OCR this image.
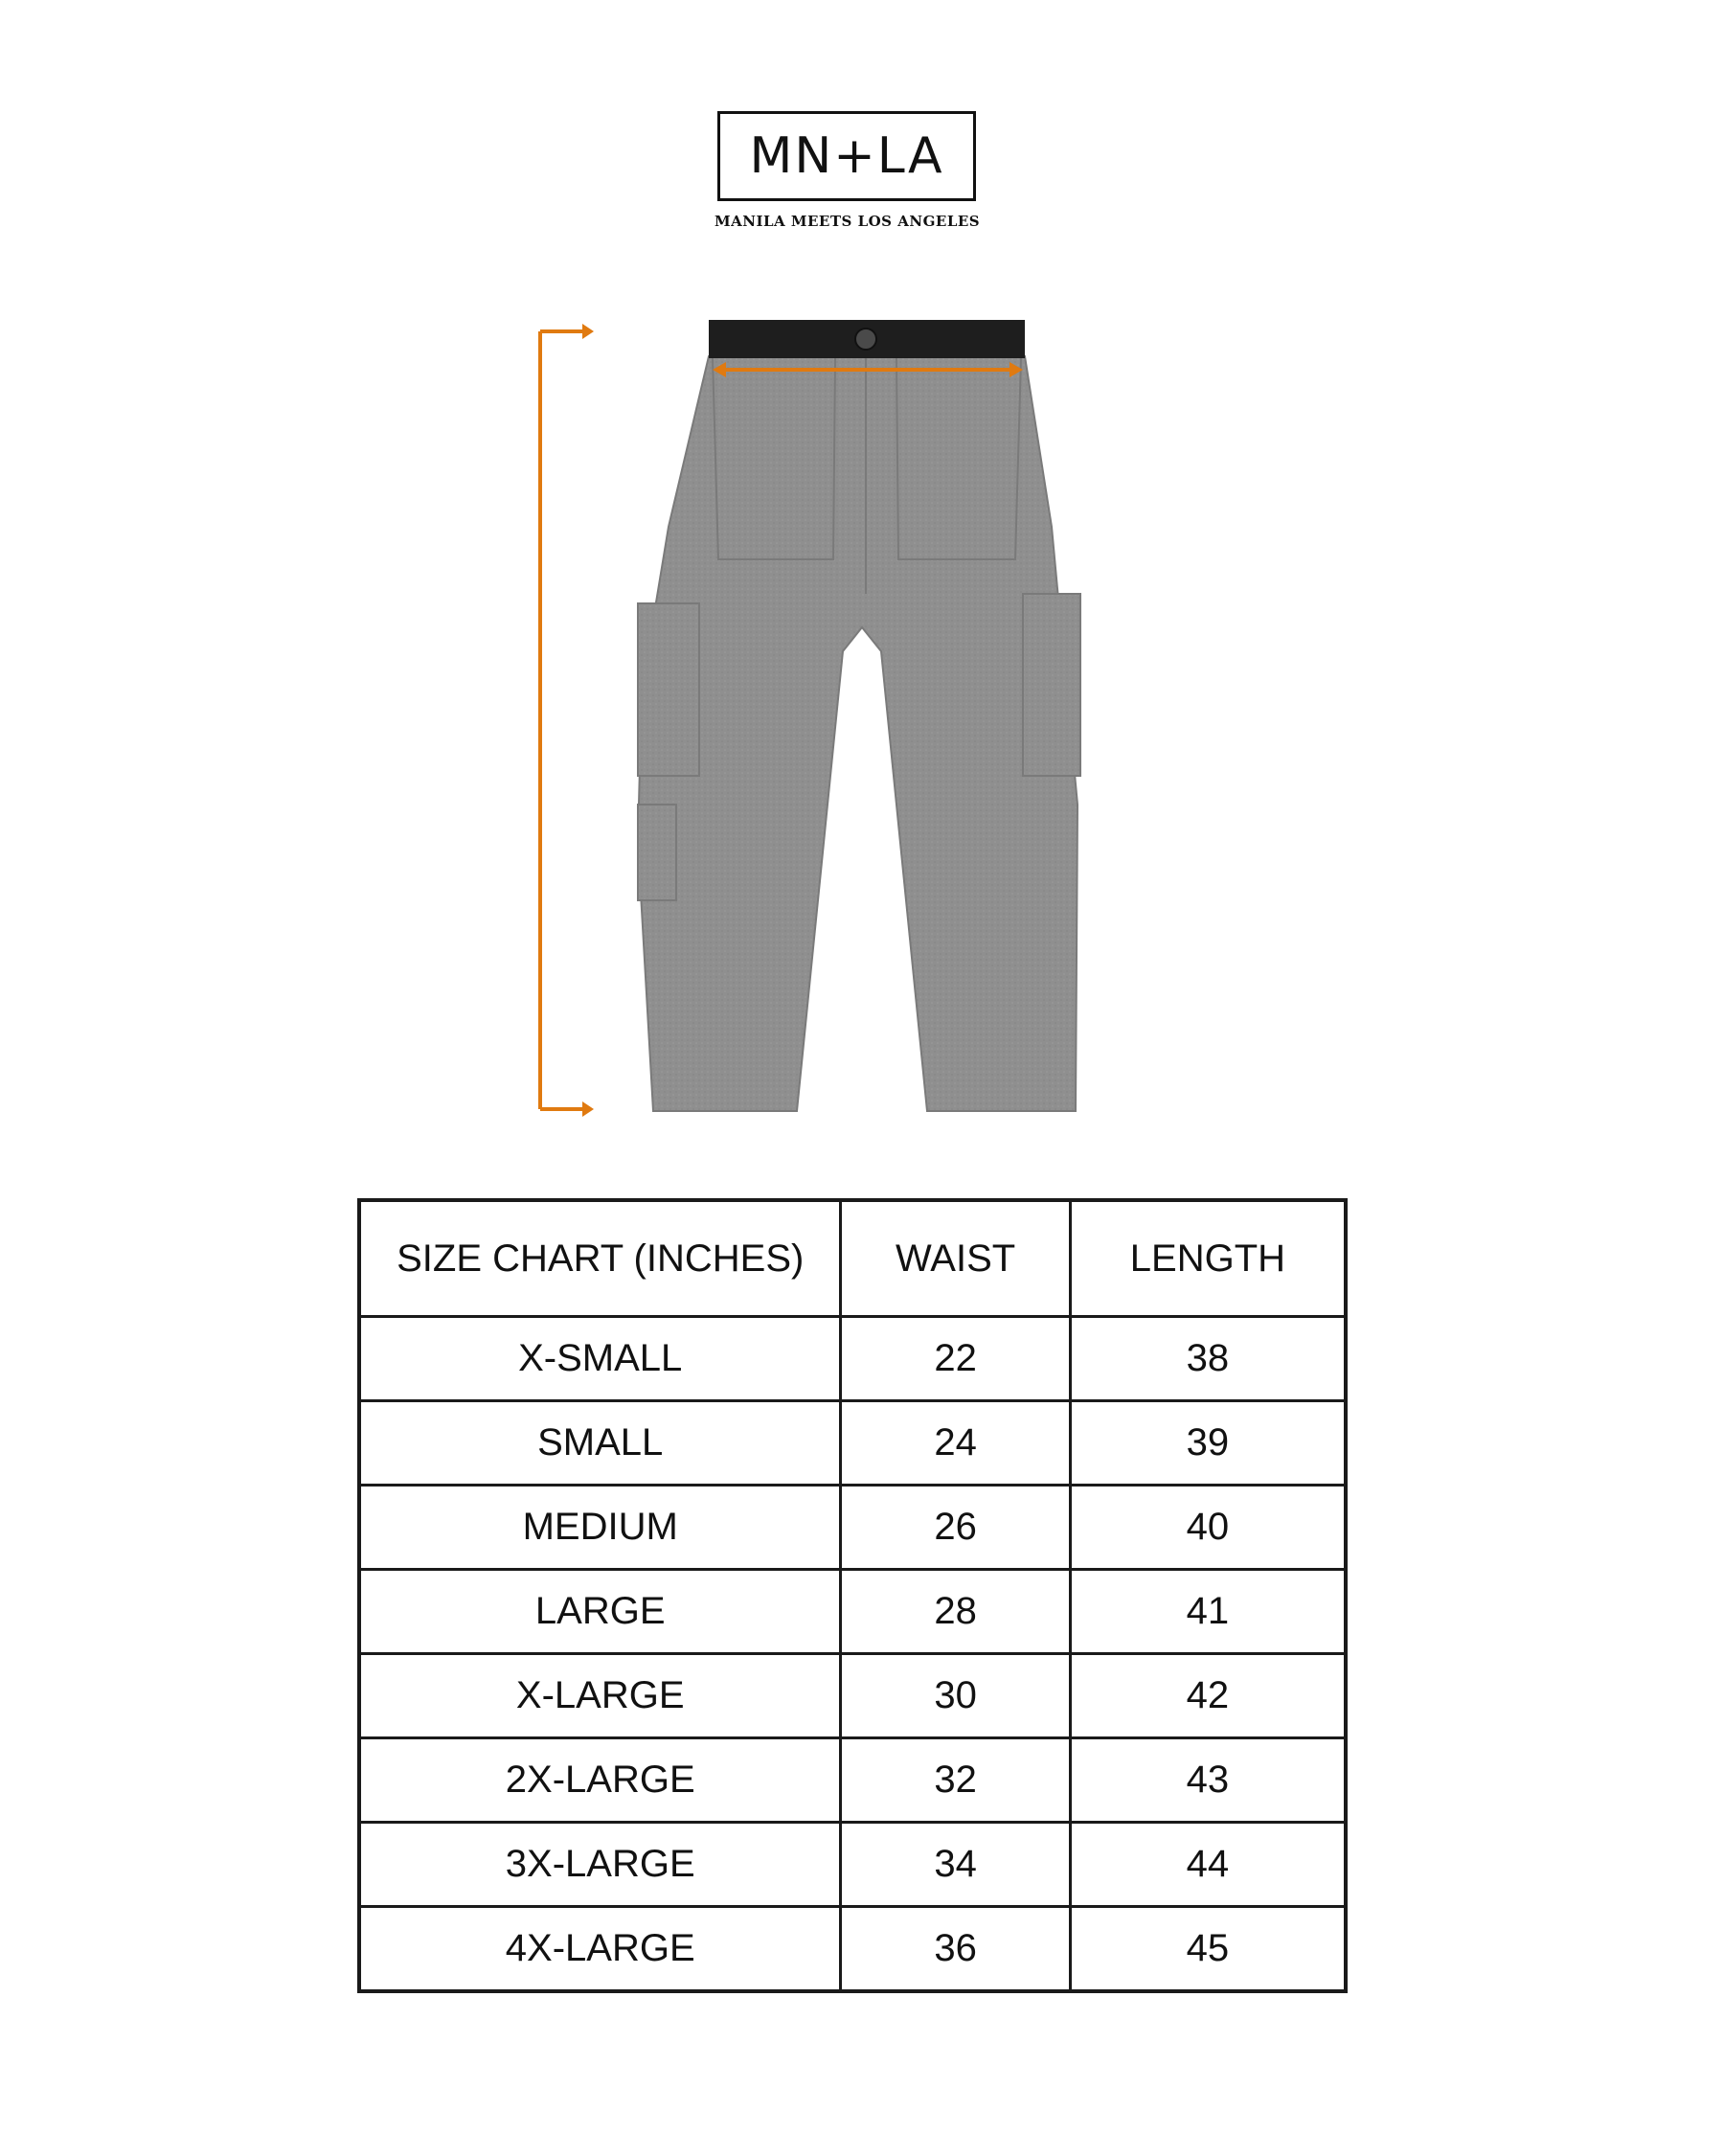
MN+LA
MANILA MEETS LOS ANGELES
SIZE CHART (INCHES)	WAIST	LENGTH
X-SMALL	22	38
SMALL	24	39
MEDIUM	26	40
LARGE	28	41
X-LARGE	30	42
2X-LARGE	32	43
3X-LARGE	34	44
4X-LARGE	36	45
